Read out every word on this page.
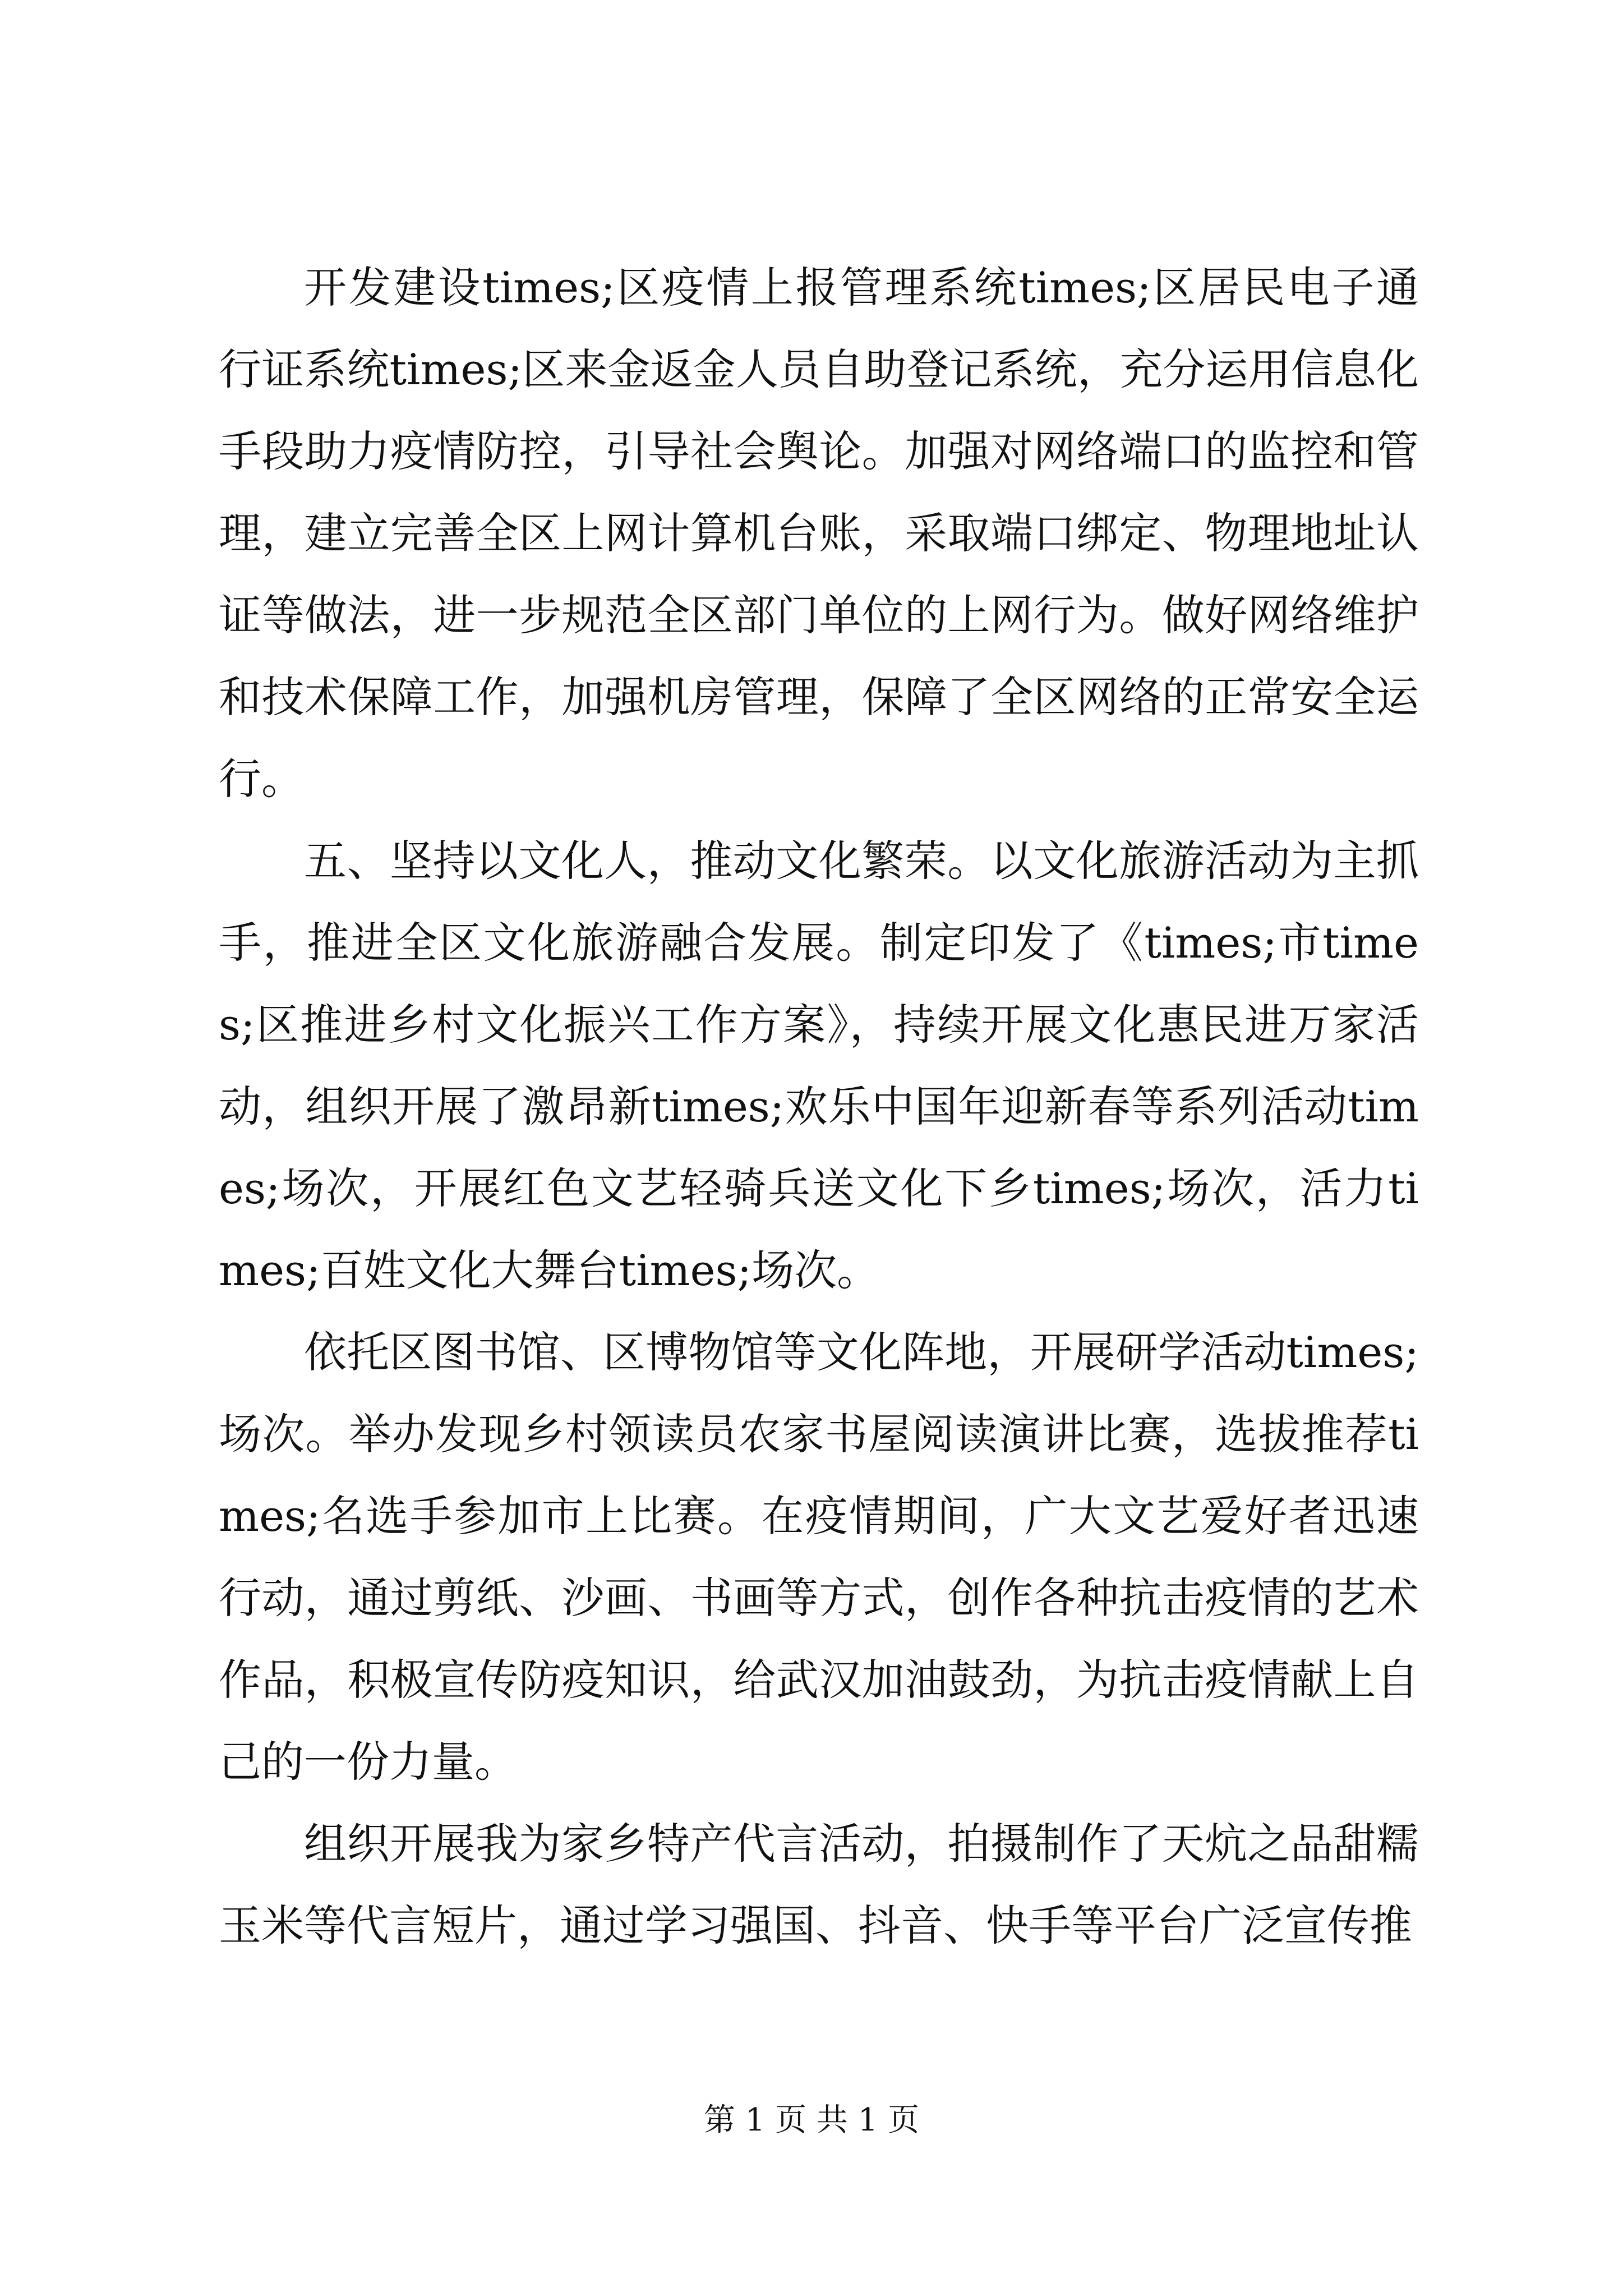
开发建设times;区疫情上报管理系统times;区居民电子通行证系统times;区来金返金人员自助登记系统，充分运用信息化手段助力疫情防控，引导社会舆论。加强对网络端口的监控和管理，建立完善全区上网计算机台账，采取端口绑定、物理地址认证等做法，进一步规范全区部门单位的上网行为。做好网络维护和技术保障工作，加强机房管理，保障了全区网络的正常安全运行。

五、坚持以文化人，推动文化繁荣。以文化旅游活动为主抓手，推进全区文化旅游融合发展。制定印发了《times;市times;区推进乡村文化振兴工作方案》，持续开展文化惠民进万家活动，组织开展了激昂新times;欢乐中国年迎新春等系列活动times;场次，开展红色文艺轻骑兵送文化下乡times;场次，活力times;百姓文化大舞台times;场次。

依托区图书馆、区博物馆等文化阵地，开展研学活动times;场次。举办发现乡村领读员农家书屋阅读演讲比赛，选拔推荐times;名选手参加市上比赛。在疫情期间，广大文艺爱好者迅速行动，通过剪纸、沙画、书画等方式，创作各种抗击疫情的艺术作品，积极宣传防疫知识，给武汉加油鼓劲，为抗击疫情献上自己的一份力量。

组织开展我为家乡特产代言活动，拍摄制作了天炕之品甜糯玉米等代言短片，通过学习强国、抖音、快手等平台广泛宣传推

第 1 页 共 1 页
